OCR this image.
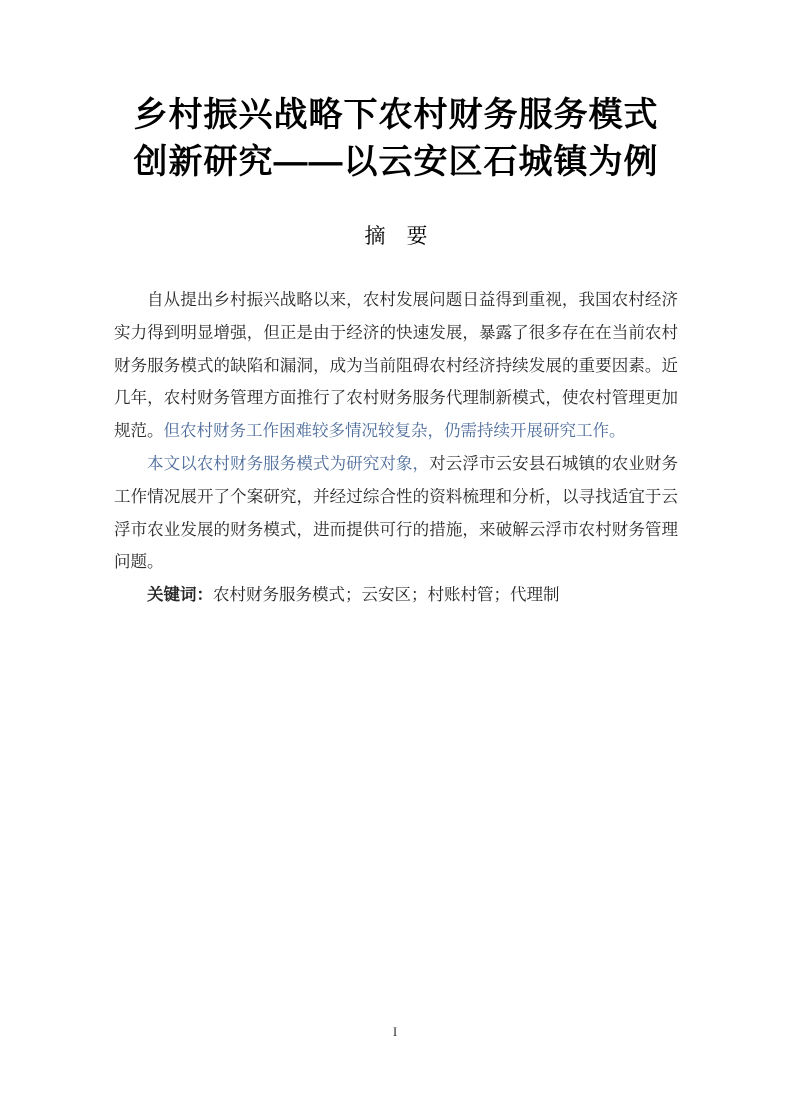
乡村振兴战略下农村财务服务模式
创新研究——以云安区石城镇为例
摘　要

自从提出乡村振兴战略以来，农村发展问题日益得到重视，我国农村经济实力得到明显增强，但正是由于经济的快速发展，暴露了很多存在在当前农村财务服务模式的缺陷和漏洞，成为当前阻碍农村经济持续发展的重要因素。近几年，农村财务管理方面推行了农村财务服务代理制新模式，使农村管理更加规范。但农村财务工作困难较多情况较复杂，仍需持续开展研究工作。

本文以农村财务服务模式为研究对象，对云浮市云安县石城镇的农业财务工作情况展开了个案研究，并经过综合性的资料梳理和分析，以寻找适宜于云浮市农业发展的财务模式，进而提供可行的措施，来破解云浮市农村财务管理问题。

关键词：农村财务服务模式；云安区；村账村管；代理制

I
